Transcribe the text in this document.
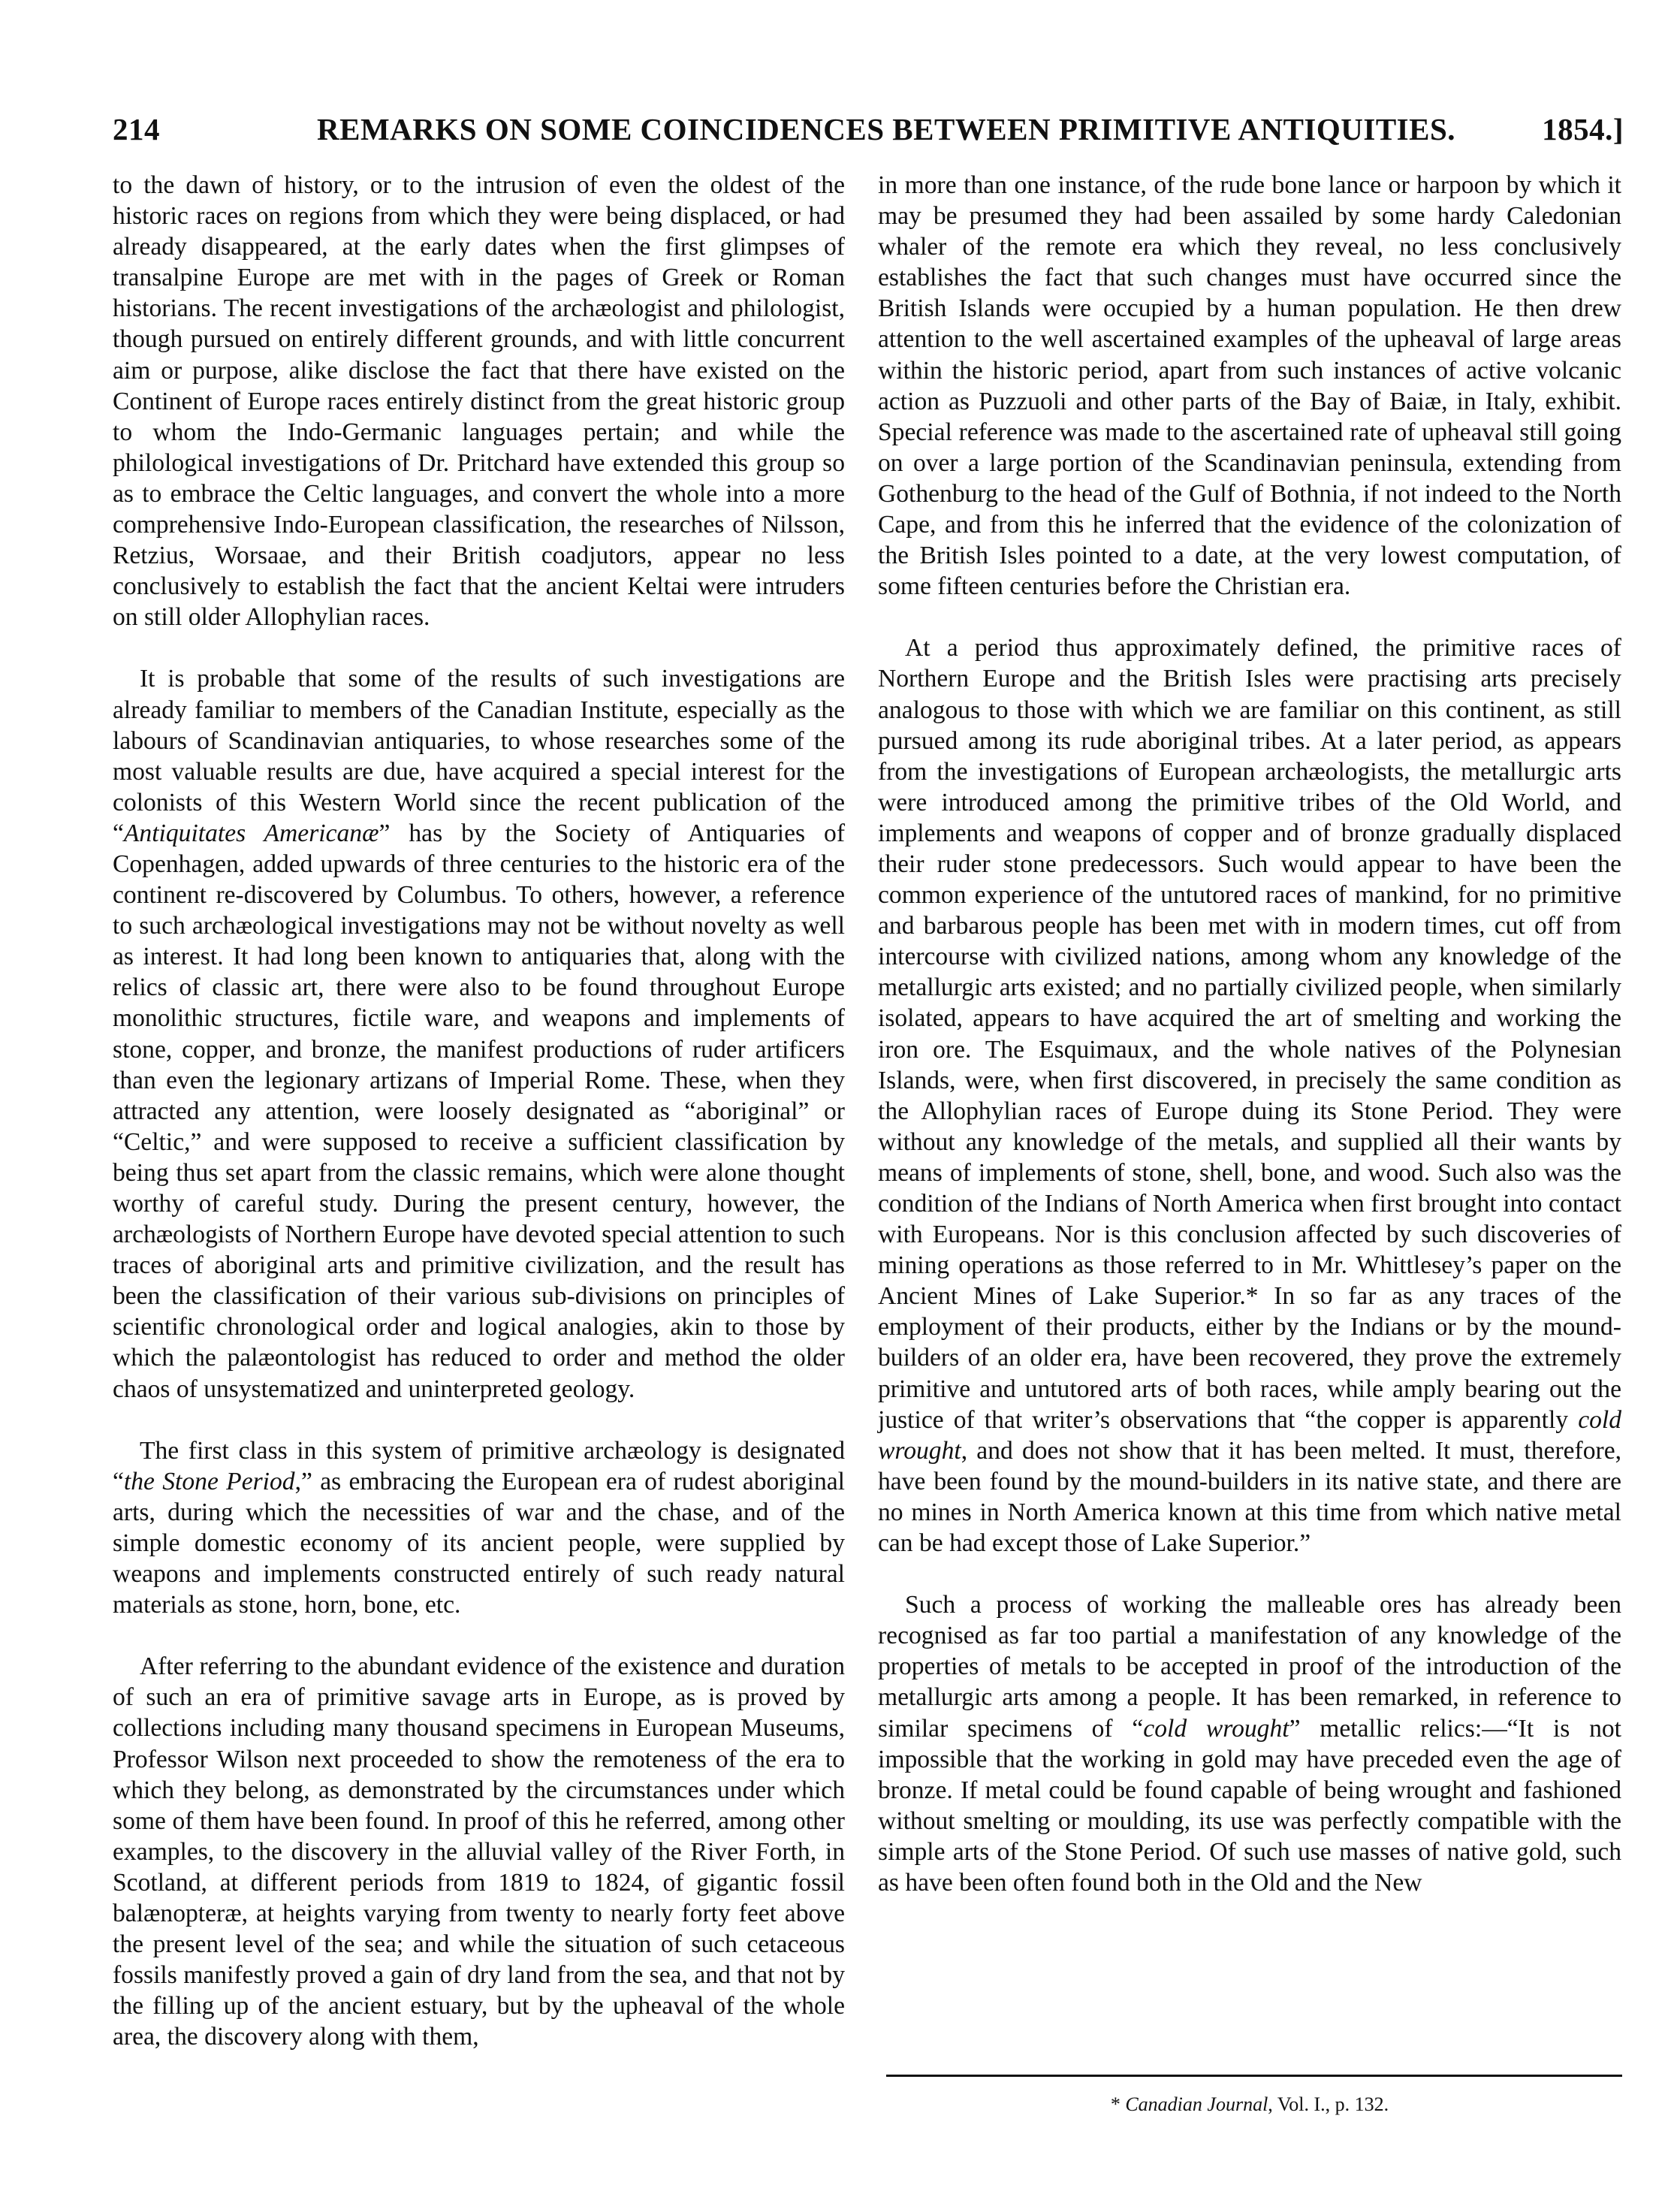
214	REMARKS ON SOME COINCIDENCES BETWEEN PRIMITIVE ANTIQUITIES.	1854.]

to the dawn of history, or to the intrusion of even the oldest of the historic races on regions from which they were being displaced, or had already disappeared, at the early dates when the first glimpses of transalpine Europe are met with in the pages of Greek or Roman historians. The recent investigations of the archæologist and philologist, though pursued on entirely different grounds, and with little concurrent aim or purpose, alike disclose the fact that there have existed on the Continent of Europe races entirely distinct from the great historic group to whom the Indo-Germanic languages pertain; and while the philological investigations of Dr. Pritchard have extended this group so as to embrace the Celtic languages, and convert the whole into a more comprehensive Indo-European classification, the researches of Nilsson, Retzius, Worsaae, and their British coadjutors, appear no less conclusively to establish the fact that the ancient Keltai were intruders on still older Allophylian races.

It is probable that some of the results of such investigations are already familiar to members of the Canadian Institute, especially as the labours of Scandinavian antiquaries, to whose researches some of the most valuable results are due, have acquired a special interest for the colonists of this Western World since the recent publication of the “Antiquitates Americanæ” has by the Society of Antiquaries of Copenhagen, added upwards of three centuries to the historic era of the continent re-discovered by Columbus. To others, however, a reference to such archæological investigations may not be without novelty as well as interest. It had long been known to antiquaries that, along with the relics of classic art, there were also to be found throughout Europe monolithic structures, fictile ware, and weapons and implements of stone, copper, and bronze, the manifest productions of ruder artificers than even the legionary artizans of Imperial Rome. These, when they attracted any attention, were loosely designated as “aboriginal” or “Celtic,” and were supposed to receive a sufficient classification by being thus set apart from the classic remains, which were alone thought worthy of careful study. During the present century, however, the archæologists of Northern Europe have devoted special attention to such traces of aboriginal arts and primitive civilization, and the result has been the classification of their various sub-divisions on principles of scientific chronological order and logical analogies, akin to those by which the palæontologist has reduced to order and method the older chaos of unsystematized and uninterpreted geology.

The first class in this system of primitive archæology is designated “the Stone Period,” as embracing the European era of rudest aboriginal arts, during which the necessities of war and the chase, and of the simple domestic economy of its ancient people, were supplied by weapons and implements constructed entirely of such ready natural materials as stone, horn, bone, etc.

After referring to the abundant evidence of the existence and duration of such an era of primitive savage arts in Europe, as is proved by collections including many thousand specimens in European Museums, Professor Wilson next proceeded to show the remoteness of the era to which they belong, as demonstrated by the circumstances under which some of them have been found. In proof of this he referred, among other examples, to the discovery in the alluvial valley of the River Forth, in Scotland, at different periods from 1819 to 1824, of gigantic fossil balænopteræ, at heights varying from twenty to nearly forty feet above the present level of the sea; and while the situation of such cetaceous fossils manifestly proved a gain of dry land from the sea, and that not by the filling up of the ancient estuary, but by the upheaval of the whole area, the discovery along with them,

in more than one instance, of the rude bone lance or harpoon by which it may be presumed they had been assailed by some hardy Caledonian whaler of the remote era which they reveal, no less conclusively establishes the fact that such changes must have occurred since the British Islands were occupied by a human population. He then drew attention to the well ascertained examples of the upheaval of large areas within the historic period, apart from such instances of active volcanic action as Puzzuoli and other parts of the Bay of Baiæ, in Italy, exhibit. Special reference was made to the ascertained rate of upheaval still going on over a large portion of the Scandinavian peninsula, extending from Gothenburg to the head of the Gulf of Bothnia, if not indeed to the North Cape, and from this he inferred that the evidence of the colonization of the British Isles pointed to a date, at the very lowest computation, of some fifteen centuries before the Christian era.

At a period thus approximately defined, the primitive races of Northern Europe and the British Isles were practising arts precisely analogous to those with which we are familiar on this continent, as still pursued among its rude aboriginal tribes. At a later period, as appears from the investigations of European archæologists, the metallurgic arts were introduced among the primitive tribes of the Old World, and implements and weapons of copper and of bronze gradually displaced their ruder stone predecessors. Such would appear to have been the common experience of the untutored races of mankind, for no primitive and barbarous people has been met with in modern times, cut off from intercourse with civilized nations, among whom any knowledge of the metallurgic arts existed; and no partially civilized people, when similarly isolated, appears to have acquired the art of smelting and working the iron ore. The Esquimaux, and the whole natives of the Polynesian Islands, were, when first discovered, in precisely the same condition as the Allophylian races of Europe duing its Stone Period. They were without any knowledge of the metals, and supplied all their wants by means of implements of stone, shell, bone, and wood. Such also was the condition of the Indians of North America when first brought into contact with Europeans. Nor is this conclusion affected by such discoveries of mining operations as those referred to in Mr. Whittlesey’s paper on the Ancient Mines of Lake Superior.* In so far as any traces of the employment of their products, either by the Indians or by the mound-builders of an older era, have been recovered, they prove the extremely primitive and untutored arts of both races, while amply bearing out the justice of that writer’s observations that “the copper is apparently cold wrought, and does not show that it has been melted. It must, therefore, have been found by the mound-builders in its native state, and there are no mines in North America known at this time from which native metal can be had except those of Lake Superior.”

Such a process of working the malleable ores has already been recognised as far too partial a manifestation of any knowledge of the properties of metals to be accepted in proof of the introduction of the metallurgic arts among a people. It has been remarked, in reference to similar specimens of “cold wrought” metallic relics:—“It is not impossible that the working in gold may have preceded even the age of bronze. If metal could be found capable of being wrought and fashioned without smelting or moulding, its use was perfectly compatible with the simple arts of the Stone Period. Of such use masses of native gold, such as have been often found both in the Old and the New

* Canadian Journal, Vol. I., p. 132.
